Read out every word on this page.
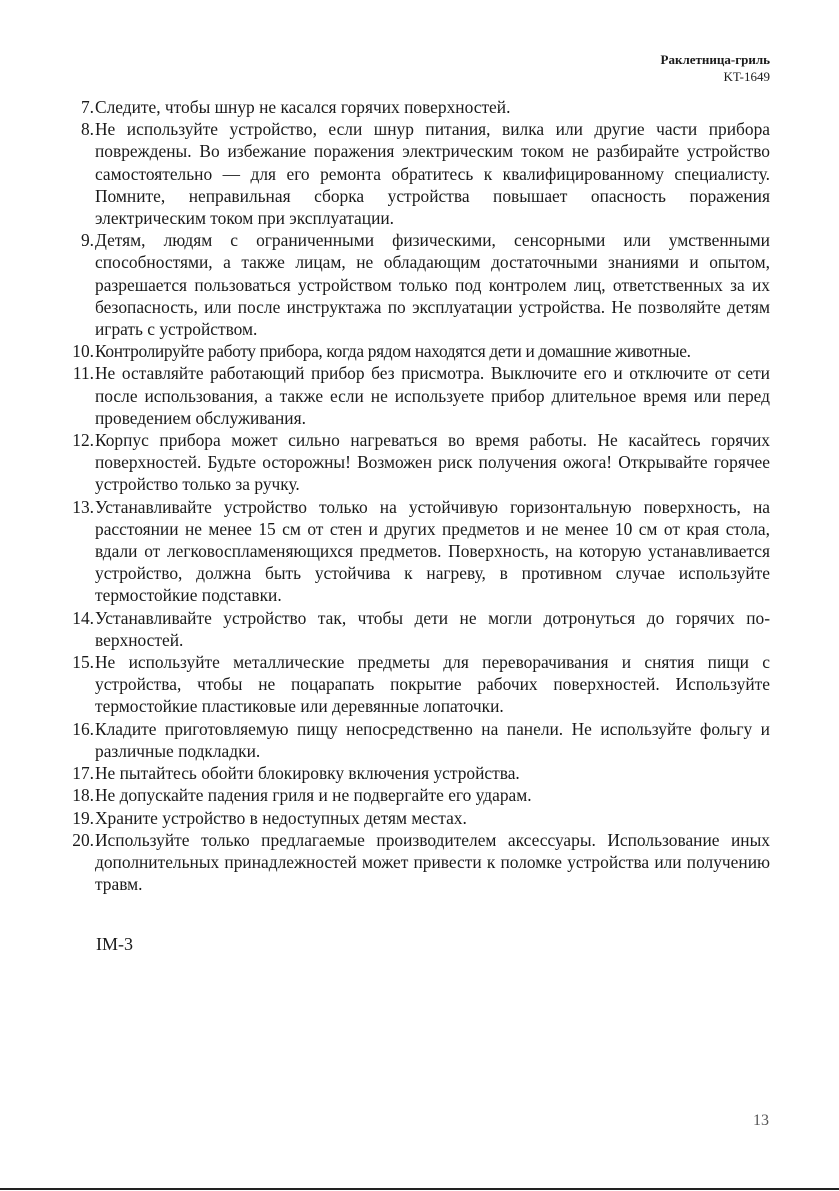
Раклетница-гриль
KT-1649
7. Следите, чтобы шнур не касался горячих поверхностей.
8. Не используйте устройство, если шнур питания, вилка или другие части прибора повреждены. Во избежание поражения электрическим током не разбирайте устройство самостоятельно — для его ремонта обратитесь к квалифицированному специалисту. Помните, неправильная сборка устройства повышает опасность поражения электрическим током при эксплуатации.
9. Детям, людям с ограниченными физическими, сенсорными или умственными способностями, а также лицам, не обладающим достаточными знаниями и опытом, разрешается пользоваться устройством только под контролем лиц, ответственных за их безопасность, или после инструктажа по эксплуатации устройства. Не позволяйте детям играть с устройством.
10. Контролируйте работу прибора, когда рядом находятся дети и домашние животные.
11. Не оставляйте работающий прибор без присмотра. Выключите его и отключите от сети после использования, а также если не используете прибор длительное время или перед проведением обслуживания.
12. Корпус прибора может сильно нагреваться во время работы. Не касайтесь горячих поверхностей. Будьте осторожны! Возможен риск получения ожога! Открывайте горячее устройство только за ручку.
13. Устанавливайте устройство только на устойчивую горизонтальную поверхность, на расстоянии не менее 15 см от стен и других предметов и не менее 10 см от края стола, вдали от легковоспламеняющихся предметов. Поверхность, на которую устанавливается устройство, должна быть устойчива к нагреву, в противном случае используйте термостойкие подставки.
14. Устанавливайте устройство так, чтобы дети не могли дотронуться до горячих поверхностей.
15. Не используйте металлические предметы для переворачивания и снятия пищи с устройства, чтобы не поцарапать покрытие рабочих поверхностей. Используйте термостойкие пластиковые или деревянные лопаточки.
16. Кладите приготовляемую пищу непосредственно на панели. Не используйте фольгу и различные подкладки.
17. Не пытайтесь обойти блокировку включения устройства.
18. Не допускайте падения гриля и не подвергайте его ударам.
19. Храните устройство в недоступных детям местах.
20. Используйте только предлагаемые производителем аксессуары. Использование иных дополнительных принадлежностей может привести к поломке устройства или получению травм.
IM-3
13
